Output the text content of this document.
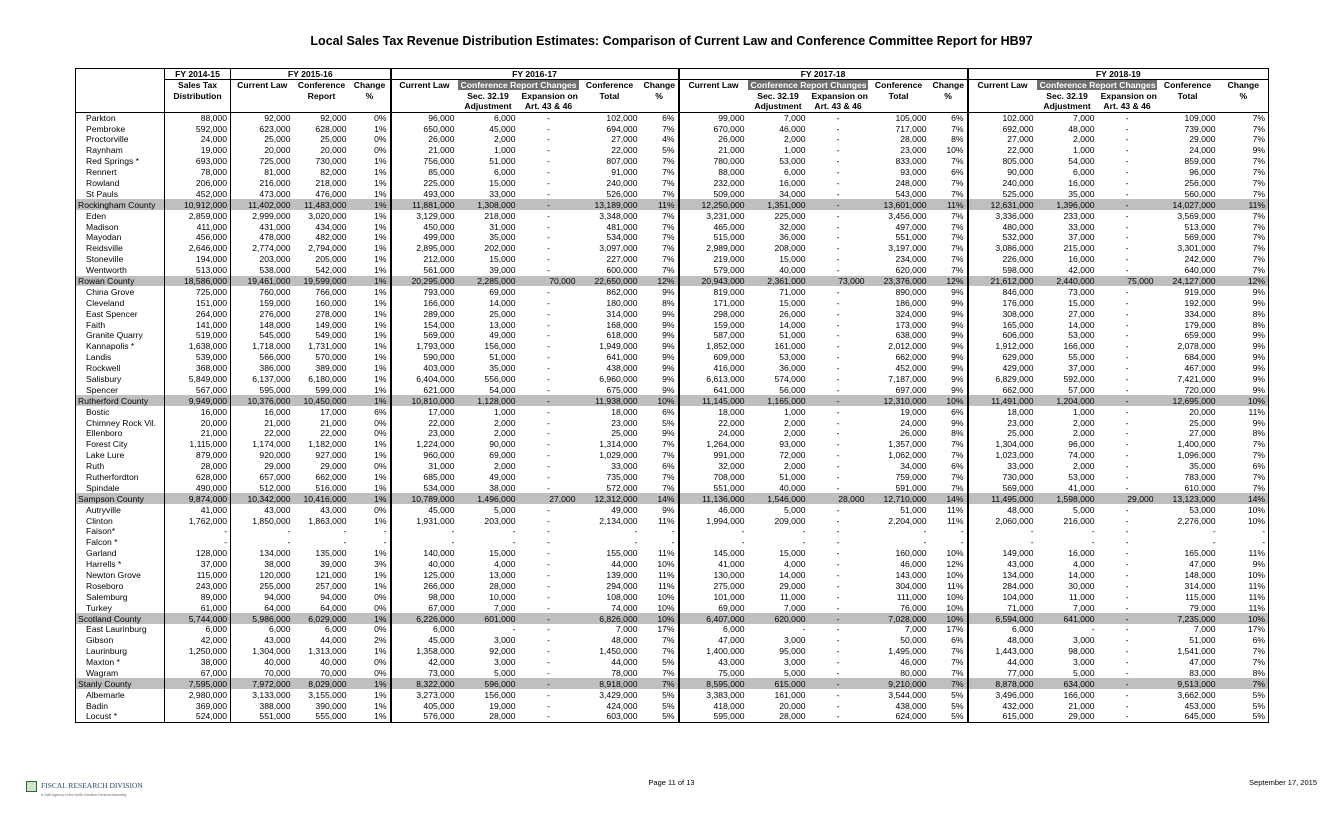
Local Sales Tax Revenue Distribution Estimates: Comparison of Current Law and Conference Committee Report for HB97
	FY 2014-15	FY 2015-16			FY 2016-17					FY 2017-18					FY 2018-19				
	Sales Tax	Current Law	Conference	Change	Current Law	Conference Report Changes		Conference	Change	Current Law	Conference Report Changes		Conference	Change	Current Law	Conference Report Changes		Conference	Change
	Distribution		Report	%		Sec. 32.19	Expansion on	Total	%		Sec. 32.19	Expansion on	Total	%		Sec. 32.19	Expansion on	Total	%
						Adjustment	Art. 43 & 46				Adjustment	Art. 43 & 46				Adjustment	Art. 43 & 46		
Parkton	88,000	92,000	92,000	0%	96,000	6,000	-	102,000	6%	99,000	7,000	-	105,000	6%	102,000	7,000	-	109,000	7%
Pembroke	592,000	623,000	628,000	1%	650,000	45,000	-	694,000	7%	670,000	46,000	-	717,000	7%	692,000	48,000	-	739,000	7%
Proctorville	24,000	25,000	25,000	0%	26,000	2,000	-	27,000	4%	26,000	2,000	-	28,000	8%	27,000	2,000	-	29,000	7%
Raynham	19,000	20,000	20,000	0%	21,000	1,000	-	22,000	5%	21,000	1,000	-	23,000	10%	22,000	1,000	-	24,000	9%
Red Springs *	693,000	725,000	730,000	1%	756,000	51,000	-	807,000	7%	780,000	53,000	-	833,000	7%	805,000	54,000	-	859,000	7%
Rennert	78,000	81,000	82,000	1%	85,000	6,000	-	91,000	7%	88,000	6,000	-	93,000	6%	90,000	6,000	-	96,000	7%
Rowland	206,000	216,000	218,000	1%	225,000	15,000	-	240,000	7%	232,000	16,000	-	248,000	7%	240,000	16,000	-	256,000	7%
St Pauls	452,000	473,000	476,000	1%	493,000	33,000	-	526,000	7%	509,000	34,000	-	543,000	7%	525,000	35,000	-	560,000	7%
Rockingham County	10,912,000	11,402,000	11,483,000	1%	11,881,000	1,308,000	-	13,189,000	11%	12,250,000	1,351,000	-	13,601,000	11%	12,631,000	1,396,000	-	14,027,000	11%
Eden	2,859,000	2,999,000	3,020,000	1%	3,129,000	218,000	-	3,348,000	7%	3,231,000	225,000	-	3,456,000	7%	3,336,000	233,000	-	3,569,000	7%
Madison	411,000	431,000	434,000	1%	450,000	31,000	-	481,000	7%	465,000	32,000	-	497,000	7%	480,000	33,000	-	513,000	7%
Mayodan	456,000	478,000	482,000	1%	499,000	35,000	-	534,000	7%	515,000	36,000	-	551,000	7%	532,000	37,000	-	569,000	7%
Reidsville	2,646,000	2,774,000	2,794,000	1%	2,895,000	202,000	-	3,097,000	7%	2,989,000	208,000	-	3,197,000	7%	3,086,000	215,000	-	3,301,000	7%
Stoneville	194,000	203,000	205,000	1%	212,000	15,000	-	227,000	7%	219,000	15,000	-	234,000	7%	226,000	16,000	-	242,000	7%
Wentworth	513,000	538,000	542,000	1%	561,000	39,000	-	600,000	7%	579,000	40,000	-	620,000	7%	598,000	42,000	-	640,000	7%
Rowan County	18,586,000	19,461,000	19,599,000	1%	20,295,000	2,285,000	70,000	22,650,000	12%	20,943,000	2,361,000	73,000	23,376,000	12%	21,612,000	2,440,000	75,000	24,127,000	12%
China Grove	725,000	760,000	766,000	1%	793,000	69,000	-	862,000	9%	819,000	71,000	-	890,000	9%	846,000	73,000	-	919,000	9%
Cleveland	151,000	159,000	160,000	1%	166,000	14,000	-	180,000	8%	171,000	15,000	-	186,000	9%	176,000	15,000	-	192,000	9%
East Spencer	264,000	276,000	278,000	1%	289,000	25,000	-	314,000	9%	298,000	26,000	-	324,000	9%	308,000	27,000	-	334,000	8%
Faith	141,000	148,000	149,000	1%	154,000	13,000	-	168,000	9%	159,000	14,000	-	173,000	9%	165,000	14,000	-	179,000	8%
Granite Quarry	519,000	545,000	549,000	1%	569,000	49,000	-	618,000	9%	587,000	51,000	-	638,000	9%	606,000	53,000	-	659,000	9%
Kannapolis *	1,638,000	1,718,000	1,731,000	1%	1,793,000	156,000	-	1,949,000	9%	1,852,000	161,000	-	2,012,000	9%	1,912,000	166,000	-	2,078,000	9%
Landis	539,000	566,000	570,000	1%	590,000	51,000	-	641,000	9%	609,000	53,000	-	662,000	9%	629,000	55,000	-	684,000	9%
Rockwell	368,000	386,000	389,000	1%	403,000	35,000	-	438,000	9%	416,000	36,000	-	452,000	9%	429,000	37,000	-	467,000	9%
Salisbury	5,849,000	6,137,000	6,180,000	1%	6,404,000	556,000	-	6,960,000	9%	6,613,000	574,000	-	7,187,000	9%	6,829,000	592,000	-	7,421,000	9%
Spencer	567,000	595,000	599,000	1%	621,000	54,000	-	675,000	9%	641,000	56,000	-	697,000	9%	662,000	57,000	-	720,000	9%
Rutherford County	9,949,000	10,376,000	10,450,000	1%	10,810,000	1,128,000	-	11,938,000	10%	11,145,000	1,165,000	-	12,310,000	10%	11,491,000	1,204,000	-	12,695,000	10%
Bostic	16,000	16,000	17,000	6%	17,000	1,000	-	18,000	6%	18,000	1,000	-	19,000	6%	18,000	1,000	-	20,000	11%
Chimney Rock Vil.	20,000	21,000	21,000	0%	22,000	2,000	-	23,000	5%	22,000	2,000	-	24,000	9%	23,000	2,000	-	25,000	9%
Ellenboro	21,000	22,000	22,000	0%	23,000	2,000	-	25,000	9%	24,000	2,000	-	26,000	8%	25,000	2,000	-	27,000	8%
Forest City	1,115,000	1,174,000	1,182,000	1%	1,224,000	90,000	-	1,314,000	7%	1,264,000	93,000	-	1,357,000	7%	1,304,000	96,000	-	1,400,000	7%
Lake Lure	879,000	920,000	927,000	1%	960,000	69,000	-	1,029,000	7%	991,000	72,000	-	1,062,000	7%	1,023,000	74,000	-	1,096,000	7%
Ruth	28,000	29,000	29,000	0%	31,000	2,000	-	33,000	6%	32,000	2,000	-	34,000	6%	33,000	2,000	-	35,000	6%
Rutherfordton	628,000	657,000	662,000	1%	685,000	49,000	-	735,000	7%	708,000	51,000	-	759,000	7%	730,000	53,000	-	783,000	7%
Spindale	490,000	512,000	516,000	1%	534,000	38,000	-	572,000	7%	551,000	40,000	-	591,000	7%	569,000	41,000	-	610,000	7%
Sampson County	9,874,000	10,342,000	10,416,000	1%	10,789,000	1,496,000	27,000	12,312,000	14%	11,136,000	1,546,000	28,000	12,710,000	14%	11,495,000	1,598,000	29,000	13,123,000	14%
Autryville	41,000	43,000	43,000	0%	45,000	5,000	-	49,000	9%	46,000	5,000	-	51,000	11%	48,000	5,000	-	53,000	10%
Clinton	1,762,000	1,850,000	1,863,000	1%	1,931,000	203,000	-	2,134,000	11%	1,994,000	209,000	-	2,204,000	11%	2,060,000	216,000	-	2,276,000	10%
Faison*	-	-	-	-	-	-	-	-	-	-	-	-	-	-	-	-	-	-	-
Falcon *	-	-	-	-	-	-	-	-	-	-	-	-	-	-	-	-	-	-	-
Garland	128,000	134,000	135,000	1%	140,000	15,000	-	155,000	11%	145,000	15,000	-	160,000	10%	149,000	16,000	-	165,000	11%
Harrells *	37,000	38,000	39,000	3%	40,000	4,000	-	44,000	10%	41,000	4,000	-	46,000	12%	43,000	4,000	-	47,000	9%
Newton Grove	115,000	120,000	121,000	1%	125,000	13,000	-	139,000	11%	130,000	14,000	-	143,000	10%	134,000	14,000	-	148,000	10%
Roseboro	243,000	255,000	257,000	1%	266,000	28,000	-	294,000	11%	275,000	29,000	-	304,000	11%	284,000	30,000	-	314,000	11%
Salemburg	89,000	94,000	94,000	0%	98,000	10,000	-	108,000	10%	101,000	11,000	-	111,000	10%	104,000	11,000	-	115,000	11%
Turkey	61,000	64,000	64,000	0%	67,000	7,000	-	74,000	10%	69,000	7,000	-	76,000	10%	71,000	7,000	-	79,000	11%
Scotland County	5,744,000	5,986,000	6,029,000	1%	6,226,000	601,000	-	6,826,000	10%	6,407,000	620,000	-	7,028,000	10%	6,594,000	641,000	-	7,235,000	10%
East Laurinburg	6,000	6,000	6,000	0%	6,000	-	-	7,000	17%	6,000	-	-	7,000	17%	6,000	-	-	7,000	17%
Gibson	42,000	43,000	44,000	2%	45,000	3,000	-	48,000	7%	47,000	3,000	-	50,000	6%	48,000	3,000	-	51,000	6%
Laurinburg	1,250,000	1,304,000	1,313,000	1%	1,358,000	92,000	-	1,450,000	7%	1,400,000	95,000	-	1,495,000	7%	1,443,000	98,000	-	1,541,000	7%
Maxton *	38,000	40,000	40,000	0%	42,000	3,000	-	44,000	5%	43,000	3,000	-	46,000	7%	44,000	3,000	-	47,000	7%
Wagram	67,000	70,000	70,000	0%	73,000	5,000	-	78,000	7%	75,000	5,000	-	80,000	7%	77,000	5,000	-	83,000	8%
Stanly County	7,595,000	7,972,000	8,029,000	1%	8,322,000	596,000	-	8,918,000	7%	8,595,000	615,000	-	9,210,000	7%	8,878,000	634,000	-	9,513,000	7%
Albemarle	2,980,000	3,133,000	3,155,000	1%	3,273,000	156,000	-	3,429,000	5%	3,383,000	161,000	-	3,544,000	5%	3,496,000	166,000	-	3,662,000	5%
Badin	369,000	388,000	390,000	1%	405,000	19,000	-	424,000	5%	418,000	20,000	-	438,000	5%	432,000	21,000	-	453,000	5%
Locust *	524,000	551,000	555,000	1%	576,000	28,000	-	603,000	5%	595,000	28,000	-	624,000	5%	615,000	29,000	-	645,000	5%
FISCAL RESEARCH DIVISION
A Staff Agency of the North Carolina General Assembly
Page 11 of 13	September 17, 2015
